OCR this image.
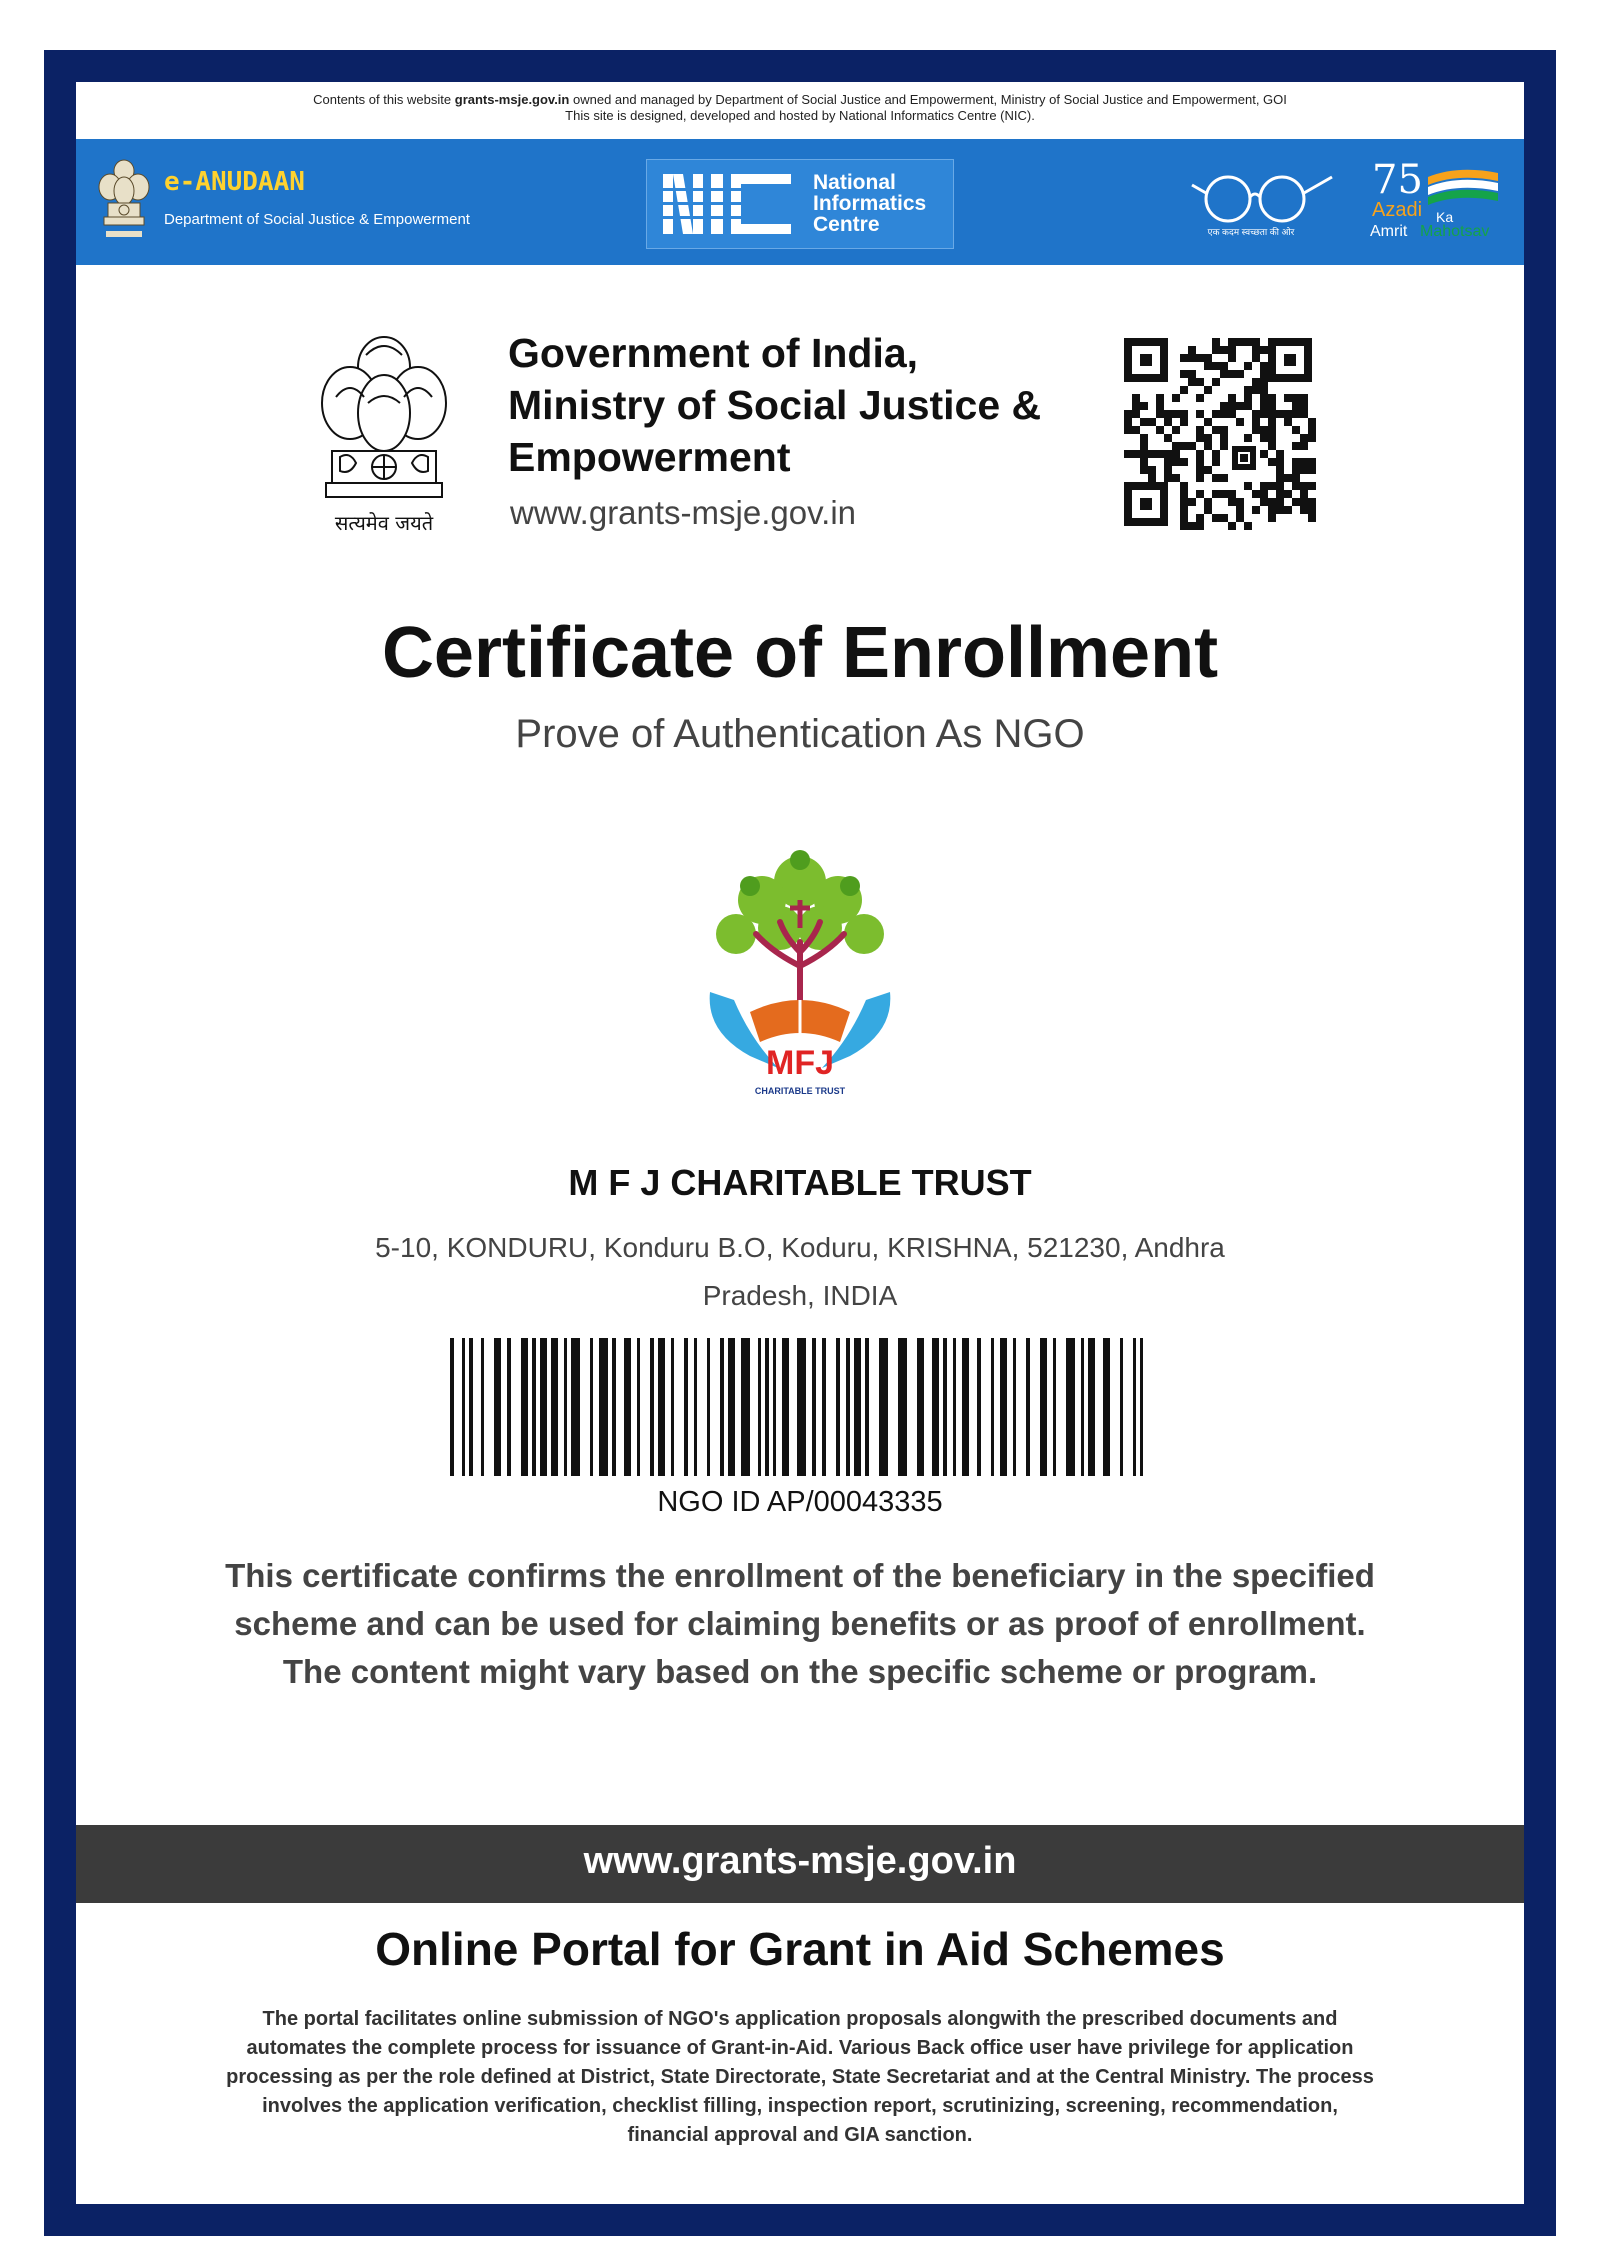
Contents of this website grants-msje.gov.in owned and managed by Department of Social Justice and Empowerment, Ministry of Social Justice and Empowerment, GOI
This site is designed, developed and hosted by National Informatics Centre (NIC).
e-ANUDAAN
Department of Social Justice & Empowerment
National
Informatics
Centre	एक कदम स्वच्छता की ओर
75
Azadi Ka
Amrit Mahotsav
सत्यमेव जयते
Government of India,
Ministry of Social Justice &
Empowerment
www.grants-msje.gov.in
Certificate of Enrollment
Prove of Authentication As NGO
MFJ
CHARITABLE TRUST
M F J CHARITABLE TRUST
5-10, KONDURU, Konduru B.O, Koduru, KRISHNA, 521230, Andhra
Pradesh, INDIA
NGO ID AP/00043335
This certificate confirms the enrollment of the beneficiary in the specified scheme and can be used for claiming benefits or as proof of enrollment. The content might vary based on the specific scheme or program.
www.grants-msje.gov.in
Online Portal for Grant in Aid Schemes
The portal facilitates online submission of NGO's application proposals alongwith the prescribed documents and automates the complete process for issuance of Grant-in-Aid. Various Back office user have privilege for application processing as per the role defined at District, State Directorate, State Secretariat and at the Central Ministry. The process involves the application verification, checklist filling, inspection report, scrutinizing, screening, recommendation, financial approval and GIA sanction.
